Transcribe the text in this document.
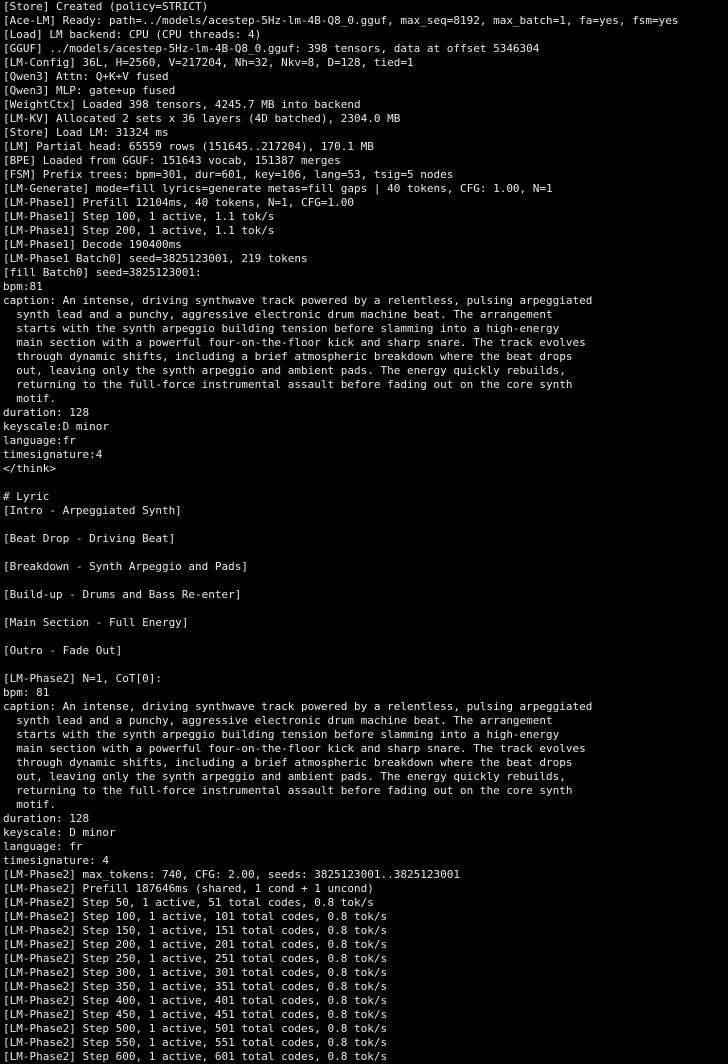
[Store] Created (policy=STRICT)
[Ace-LM] Ready: path=../models/acestep-5Hz-lm-4B-Q8_0.gguf, max_seq=8192, max_batch=1, fa=yes, fsm=yes
[Load] LM backend: CPU (CPU threads: 4)
[GGUF] ../models/acestep-5Hz-lm-4B-Q8_0.gguf: 398 tensors, data at offset 5346304
[LM-Config] 36L, H=2560, V=217204, Nh=32, Nkv=8, D=128, tied=1
[Qwen3] Attn: Q+K+V fused
[Qwen3] MLP: gate+up fused
[WeightCtx] Loaded 398 tensors, 4245.7 MB into backend
[LM-KV] Allocated 2 sets x 36 layers (4D batched), 2304.0 MB
[Store] Load LM: 31324 ms
[LM] Partial head: 65559 rows (151645..217204), 170.1 MB
[BPE] Loaded from GGUF: 151643 vocab, 151387 merges
[FSM] Prefix trees: bpm=301, dur=601, key=106, lang=53, tsig=5 nodes
[LM-Generate] mode=fill lyrics=generate metas=fill gaps | 40 tokens, CFG: 1.00, N=1
[LM-Phase1] Prefill 12104ms, 40 tokens, N=1, CFG=1.00
[LM-Phase1] Step 100, 1 active, 1.1 tok/s
[LM-Phase1] Step 200, 1 active, 1.1 tok/s
[LM-Phase1] Decode 190400ms
[LM-Phase1 Batch0] seed=3825123001, 219 tokens
[fill Batch0] seed=3825123001:
bpm:81
caption: An intense, driving synthwave track powered by a relentless, pulsing arpeggiated
synth lead and a punchy, aggressive electronic drum machine beat. The arrangement
starts with the synth arpeggio building tension before slamming into a high-energy
main section with a powerful four-on-the-floor kick and sharp snare. The track evolves
through dynamic shifts, including a brief atmospheric breakdown where the beat drops
out, leaving only the synth arpeggio and ambient pads. The energy quickly rebuilds,
returning to the full-force instrumental assault before fading out on the core synth
motif.
duration: 128
keyscale:D minor
language:fr
timesignature:4
</think>
# Lyric
[Intro - Arpeggiated Synth]
[Beat Drop - Driving Beat]
[Breakdown - Synth Arpeggio and Pads]
[Build-up - Drums and Bass Re-enter]
[Main Section - Full Energy]
[Outro - Fade Out]
[LM-Phase2] N=1, CoT[0]:
bpm: 81
caption: An intense, driving synthwave track powered by a relentless, pulsing arpeggiated
synth lead and a punchy, aggressive electronic drum machine beat. The arrangement
starts with the synth arpeggio building tension before slamming into a high-energy
main section with a powerful four-on-the-floor kick and sharp snare. The track evolves
through dynamic shifts, including a brief atmospheric breakdown where the beat drops
out, leaving only the synth arpeggio and ambient pads. The energy quickly rebuilds,
returning to the full-force instrumental assault before fading out on the core synth
motif.
duration: 128
keyscale: D minor
language: fr
timesignature: 4
[LM-Phase2] max_tokens: 740, CFG: 2.00, seeds: 3825123001..3825123001
[LM-Phase2] Prefill 187646ms (shared, 1 cond + 1 uncond)
[LM-Phase2] Step 50, 1 active, 51 total codes, 0.8 tok/s
[LM-Phase2] Step 100, 1 active, 101 total codes, 0.8 tok/s
[LM-Phase2] Step 150, 1 active, 151 total codes, 0.8 tok/s
[LM-Phase2] Step 200, 1 active, 201 total codes, 0.8 tok/s
[LM-Phase2] Step 250, 1 active, 251 total codes, 0.8 tok/s
[LM-Phase2] Step 300, 1 active, 301 total codes, 0.8 tok/s
[LM-Phase2] Step 350, 1 active, 351 total codes, 0.8 tok/s
[LM-Phase2] Step 400, 1 active, 401 total codes, 0.8 tok/s
[LM-Phase2] Step 450, 1 active, 451 total codes, 0.8 tok/s
[LM-Phase2] Step 500, 1 active, 501 total codes, 0.8 tok/s
[LM-Phase2] Step 550, 1 active, 551 total codes, 0.8 tok/s
[LM-Phase2] Step 600, 1 active, 601 total codes, 0.8 tok/s
